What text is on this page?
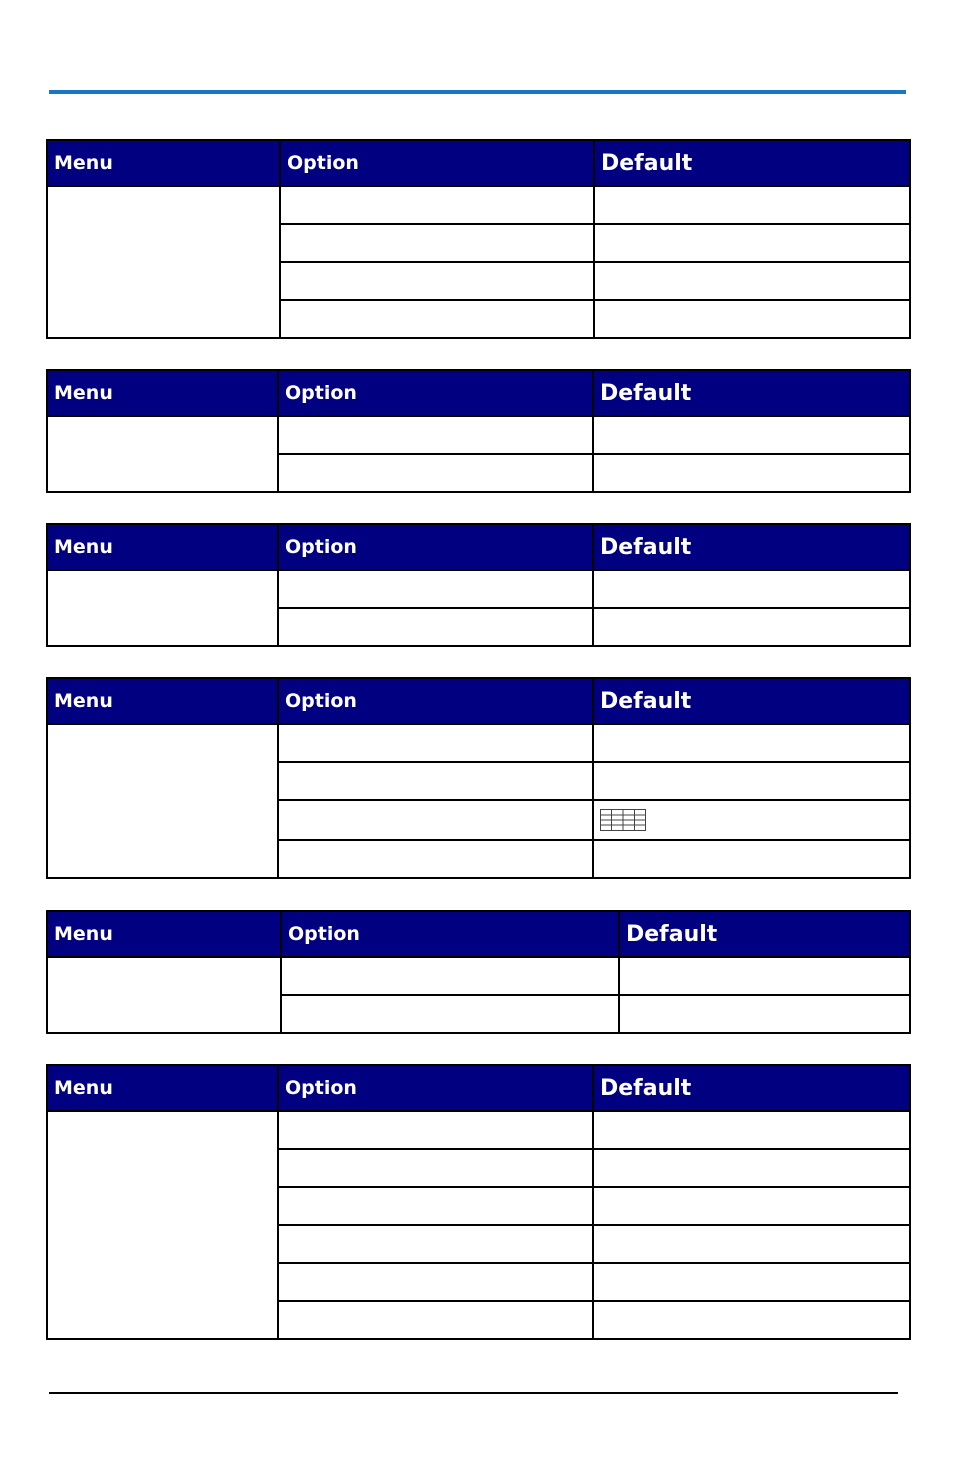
Menu	Option	Default

Menu	Option	Default

Menu	Option	Default

Menu	Option	Default

Menu	Option	Default

Menu	Option	Default
